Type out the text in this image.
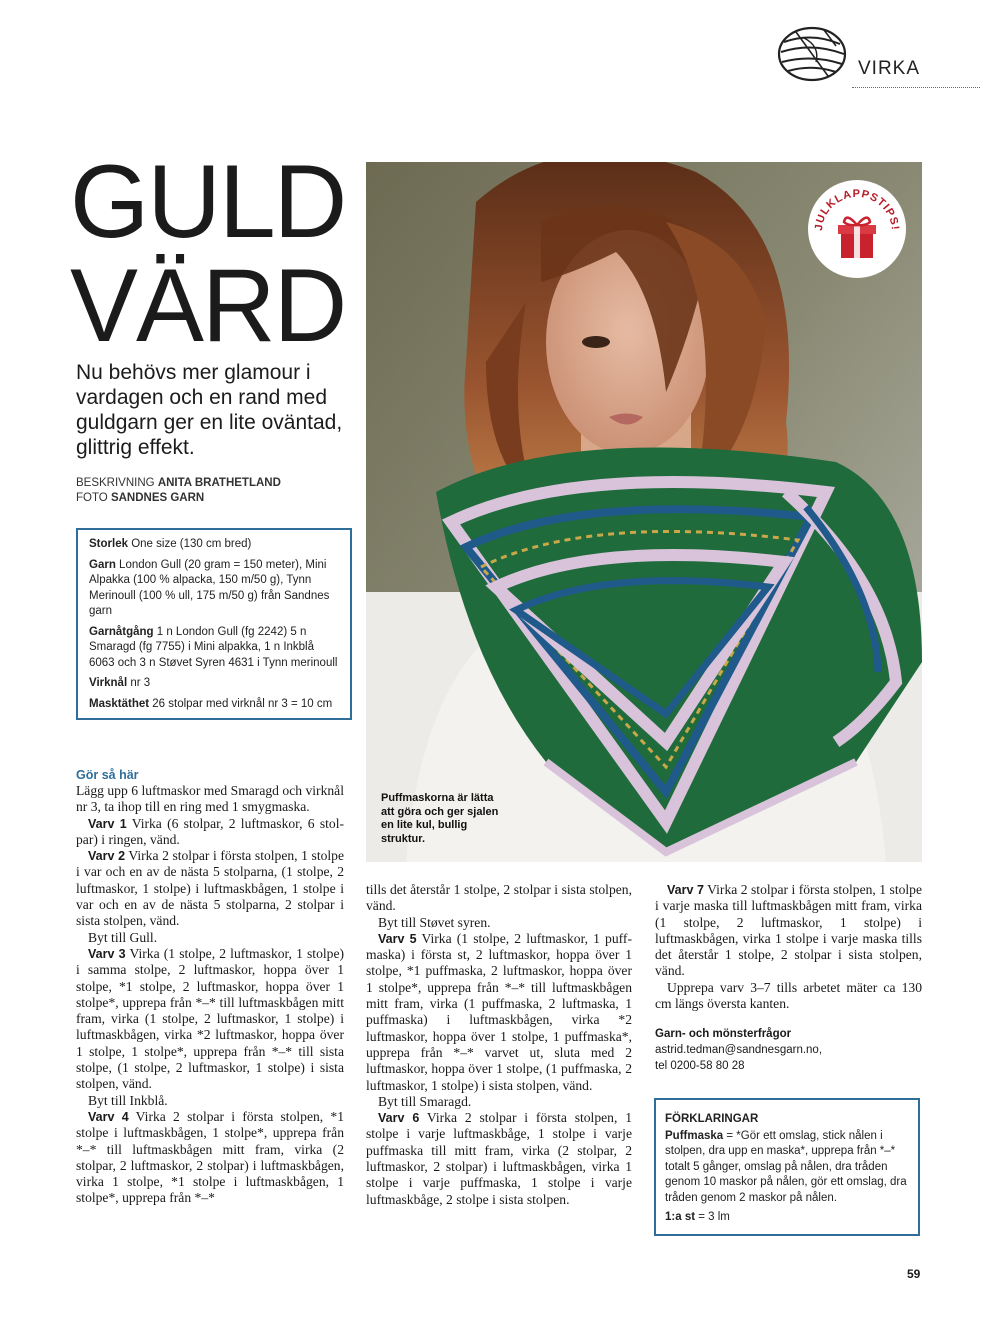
VIRKA
GULD
VÄRD
Nu behövs mer glamour i vardagen och en rand med guldgarn ger en lite oväntad, glittrig effekt.
BESKRIVNING ANITA BRATHETLAND
FOTO SANDNES GARN

Storlek One size (130 cm bred)

Garn London Gull (20 gram = 150 meter), Mini Alpakka (100 % alpacka, 150 m/50 g), Tynn Merinoull (100 % ull, 175 m/50 g) från Sandnes garn

Garnåtgång 1 n London Gull (fg 2242) 5 n Smaragd (fg 7755) i Mini alpakka, 1 n Inkblå 6063 och 3 n Støvet Syren 4631 i Tynn merinoull

Virknål nr 3

Masktäthet 26 stolpar med virknål nr 3 = 10 cm

JULKLAPPSTIPS!
Puffmaskorna är lätta att göra och ger sjalen en lite kul, bullig struktur.
Gör så här

Lägg upp 6 luftmaskor med Smaragd och virknål nr 3, ta ihop till en ring med 1 smygmaska.

Varv 1 Virka (6 stolpar, 2 luftmaskor, 6 stolpar) i ringen, vänd.

Varv 2 Virka 2 stolpar i första stolpen, 1 stolpe i var och en av de nästa 5 stolparna, (1 stolpe, 2 luftmaskor, 1 stolpe) i luftmaskbågen, 1 stolpe i var och en av de nästa 5 stolparna, 2 stolpar i sista stolpen, vänd.

Byt till Gull.

Varv 3 Virka (1 stolpe, 2 luftmaskor, 1 stolpe) i samma stolpe, 2 luftmaskor, hoppa över 1 stolpe, *1 stolpe, 2 luftmaskor, hoppa över 1 stolpe*, upprepa från *–* till luftmaskbågen mitt fram, virka (1 stolpe, 2 luftmaskor, 1 stolpe) i luftmaskbågen, virka *2 luftmaskor, hoppa över 1 stolpe, 1 stolpe*, upprepa från *–* till sista stolpe, (1 stolpe, 2 luftmaskor, 1 stolpe) i sista stolpen, vänd.

Byt till Inkblå.

Varv 4 Virka 2 stolpar i första stolpen, *1 stolpe i luftmaskbågen, 1 stolpe*, upprepa från *–* till luftmaskbågen mitt fram, virka (2 stolpar, 2 luftmaskor, 2 stolpar) i luftmaskbågen, virka 1 stolpe, *1 stolpe i luftmaskbågen, 1 stolpe*, upprepa från *–*

tills det återstår 1 stolpe, 2 stolpar i sista stolpen, vänd.

Byt till Støvet syren.

Varv 5 Virka (1 stolpe, 2 luftmaskor, 1 puffmaska) i första st, 2 luftmaskor, hoppa över 1 stolpe, *1 puffmaska, 2 luftmaskor, hoppa över 1 stolpe*, upprepa från *–* till luftmaskbågen mitt fram, virka (1 puffmaska, 2 luftmaska, 1 puffmaska) i luftmaskbågen, virka *2 luftmaskor, hoppa över 1 stolpe, 1 puffmaska*, upprepa från *–* varvet ut, sluta med 2 luftmaskor, hoppa över 1 stolpe, (1 puffmaska, 2 luftmaskor, 1 stolpe) i sista stolpen, vänd.

Byt till Smaragd.

Varv 6 Virka 2 stolpar i första stolpen, 1 stolpe i varje luftmaskbåge, 1 stolpe i varje puffmaska till mitt fram, virka (2 stolpar, 2 luftmaskor, 2 stolpar) i luftmaskbågen, virka 1 stolpe i varje puffmaska, 1 stolpe i varje luftmaskbåge, 2 stolpe i sista stolpen.

Varv 7 Virka 2 stolpar i första stolpen, 1 stolpe i varje maska till luftmaskbågen mitt fram, virka (1 stolpe, 2 luftmaskor, 1 stolpe) i luftmaskbågen, virka 1 stolpe i varje maska tills det återstår 1 stolpe, 2 stolpar i sista stolpen, vänd.

Upprepa varv 3–7 tills arbetet mäter ca 130 cm längs översta kanten.

Garn- och mönsterfrågor
astrid.tedman@sandnesgarn.no,
tel 0200-58 80 28
FÖRKLARINGAR

Puffmaska = *Gör ett omslag, stick nålen i stolpen, dra upp en maska*, upprepa från *–* totalt 5 gånger, omslag på nålen, dra tråden genom 10 maskor på nålen, gör ett omslag, dra tråden genom 2 maskor på nålen.

1:a st = 3 lm

59
